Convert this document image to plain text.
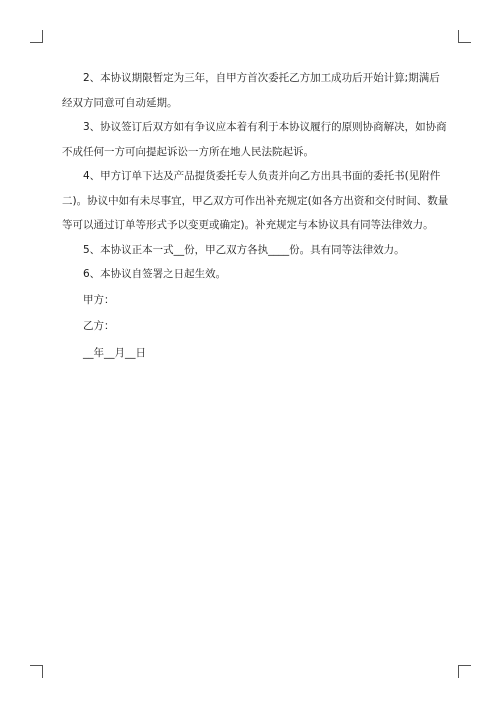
2、本协议期限暂定为三年，自甲方首次委托乙方加工成功后开始计算;期满后经双方同意可自动延期。

3、协议签订后双方如有争议应本着有利于本协议履行的原则协商解决，如协商不成任何一方可向提起诉讼一方所在地人民法院起诉。

4、甲方订单下达及产品提货委托专人负责并向乙方出具书面的委托书(见附件二)。协议中如有未尽事宜，甲乙双方可作出补充规定(如各方出资和交付时间、数量等可以通过订单等形式予以变更或确定)。补充规定与本协议具有同等法律效力。

5、本协议正本一式__份，甲乙双方各执____份。具有同等法律效力。

6、本协议自签署之日起生效。

甲方：

乙方：

__年__月__日
